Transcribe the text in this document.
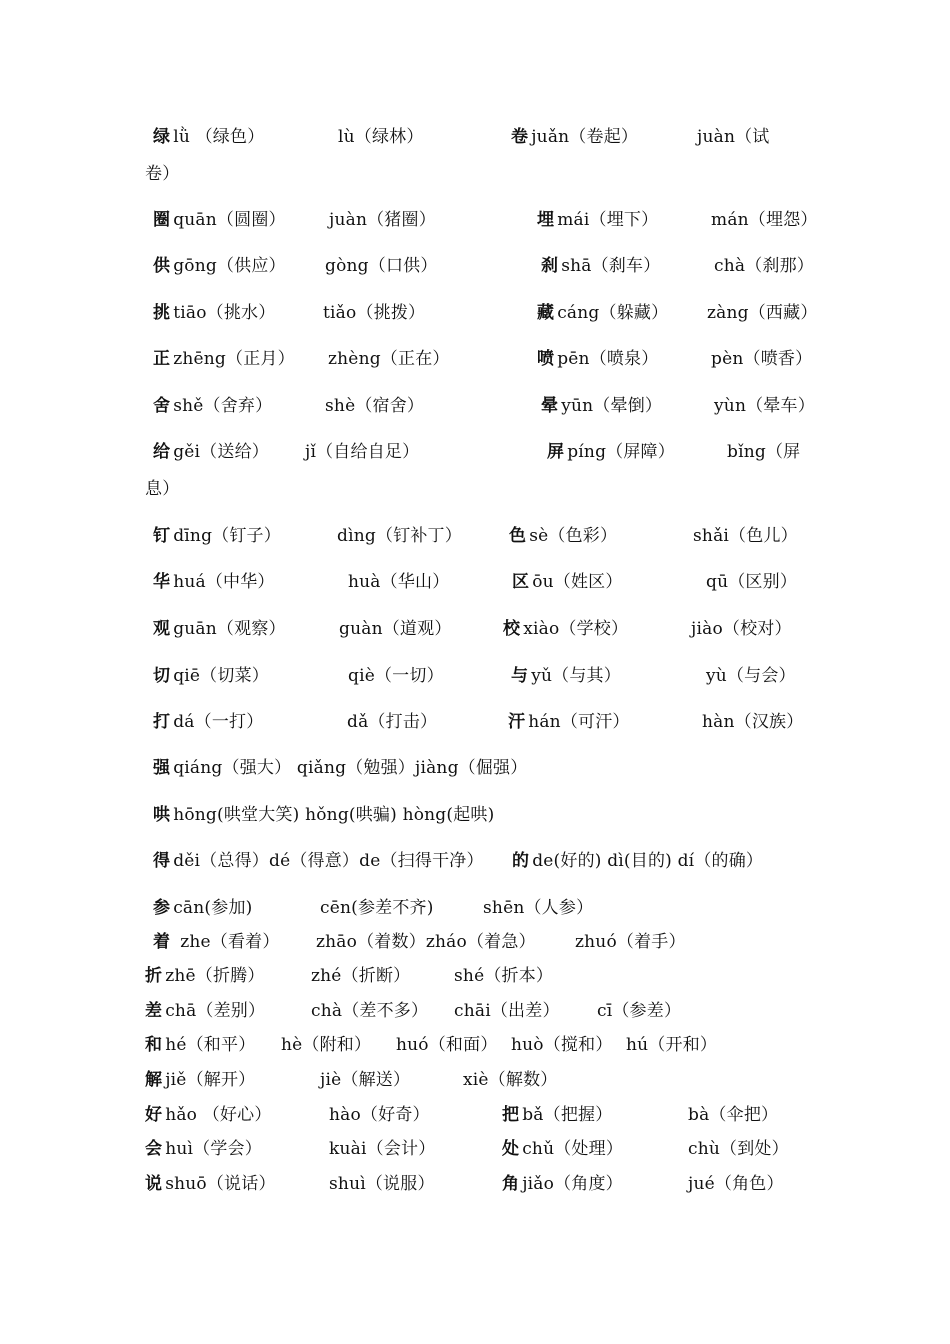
绿 lǜ （绿色）	lù（绿林）	卷 juǎn（卷起）	juàn（试
卷）
圈 quān（圆圈）	juàn（猪圈）	埋 mái（埋下）	mán（埋怨）
供 gōng（供应） gòng（口供）	刹 shā（刹车）	chà（刹那）
挑 tiāo（挑水）	tiǎo（挑拨）	藏 cáng（躲藏） zàng（西藏）
正 zhēng（正月） zhèng（正在）	喷 pēn（喷泉）	pèn（喷香）
舍 shě（舍弃）	shè（宿舍）	晕 yūn（晕倒）	yùn（晕车）
给 gěi（送给） jǐ（自给自足）	屏 píng（屏障）	bǐng（屏
息）
钉 dīng（钉子）	dìng（钉补丁）	色 sè（色彩）	shǎi（色儿）
华 huá（中华）	huà（华山）	区 ōu（姓区）	qū（区别）
观 guān（观察）	guàn（道观）	校 xiào（学校）	jiào（校对）
切 qiē（切菜）	qiè（一切）	与 yǔ（与其）	yù（与会）
打 dá（一打）	dǎ（打击）	汗 hán（可汗）	hàn（汉族）
强 qiáng（强大） qiǎng（勉强）jiàng（倔强）
哄 hōng(哄堂大笑) hǒng(哄骗) hòng(起哄)
得 děi（总得）dé（得意）de（扫得干净） 的 de(好的) dì(目的) dí（的确）
参 cān(参加)	cēn(参差不齐)	shēn（人参）
着 zhe（看着） zhāo（着数）zháo（着急） zhuó（着手）
折 zhē（折腾）	zhé（折断）	shé（折本）
差 chā（差别）	chà（差不多） chāi（出差） cī（参差）
和 hé（和平） hè（附和） huó（和面） huò（搅和） hú（开和）
解 jiě（解开）	jiè（解送）	xiè（解数）
好 hǎo （好心）	hào（好奇）	把 bǎ（把握）	bà（伞把）
会 huì（学会）	kuài（会计）	处 chǔ（处理）	chù（到处）
说 shuō（说话）	shuì（说服）	角 jiǎo（角度）	jué（角色）
